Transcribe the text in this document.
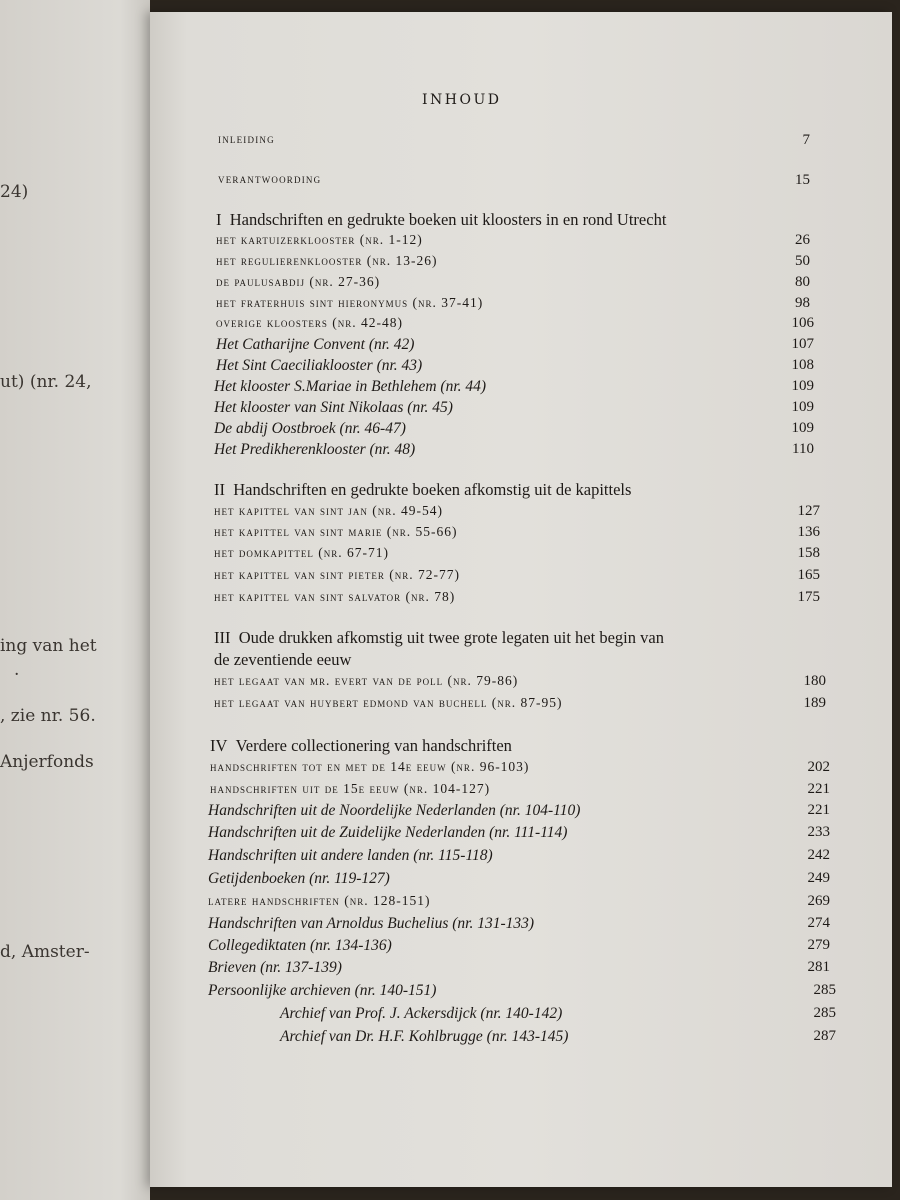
24)
ut) (nr. 24,
ing van het
.
, zie nr. 56.
Anjerfonds
d, Amster-
INHOUD
inleiding	7
verantwoording	15
I Handschriften en gedrukte boeken uit kloosters in en rond Utrecht
het kartuizerklooster (nr. 1-12)	26
het regulierenklooster (nr. 13-26)	50
de paulusabdij (nr. 27-36)	80
het fraterhuis sint hieronymus (nr. 37-41)	98
overige kloosters (nr. 42-48)	106
Het Catharijne Convent (nr. 42)	107
Het Sint Caeciliaklooster (nr. 43)	108
Het klooster S.Mariae in Bethlehem (nr. 44)	109
Het klooster van Sint Nikolaas (nr. 45)	109
De abdij Oostbroek (nr. 46-47)	109
Het Predikherenklooster (nr. 48)	110
II Handschriften en gedrukte boeken afkomstig uit de kapittels
het kapittel van sint jan (nr. 49-54)	127
het kapittel van sint marie (nr. 55-66)	136
het domkapittel (nr. 67-71)	158
het kapittel van sint pieter (nr. 72-77)	165
het kapittel van sint salvator (nr. 78)	175
III Oude drukken afkomstig uit twee grote legaten uit het begin van
de zeventiende eeuw
het legaat van mr. evert van de poll (nr. 79-86)	180
het legaat van huybert edmond van buchell (nr. 87-95)	189
IV Verdere collectionering van handschriften
handschriften tot en met de 14e eeuw (nr. 96-103)	202
handschriften uit de 15e eeuw (nr. 104-127)	221
Handschriften uit de Noordelijke Nederlanden (nr. 104-110)	221
Handschriften uit de Zuidelijke Nederlanden (nr. 111-114)	233
Handschriften uit andere landen (nr. 115-118)	242
Getijdenboeken (nr. 119-127)	249
latere handschriften (nr. 128-151)	269
Handschriften van Arnoldus Buchelius (nr. 131-133)	274
Collegediktaten (nr. 134-136)	279
Brieven (nr. 137-139)	281
Persoonlijke archieven (nr. 140-151)	285
Archief van Prof. J. Ackersdijck (nr. 140-142)	285
Archief van Dr. H.F. Kohlbrugge (nr. 143-145)	287
